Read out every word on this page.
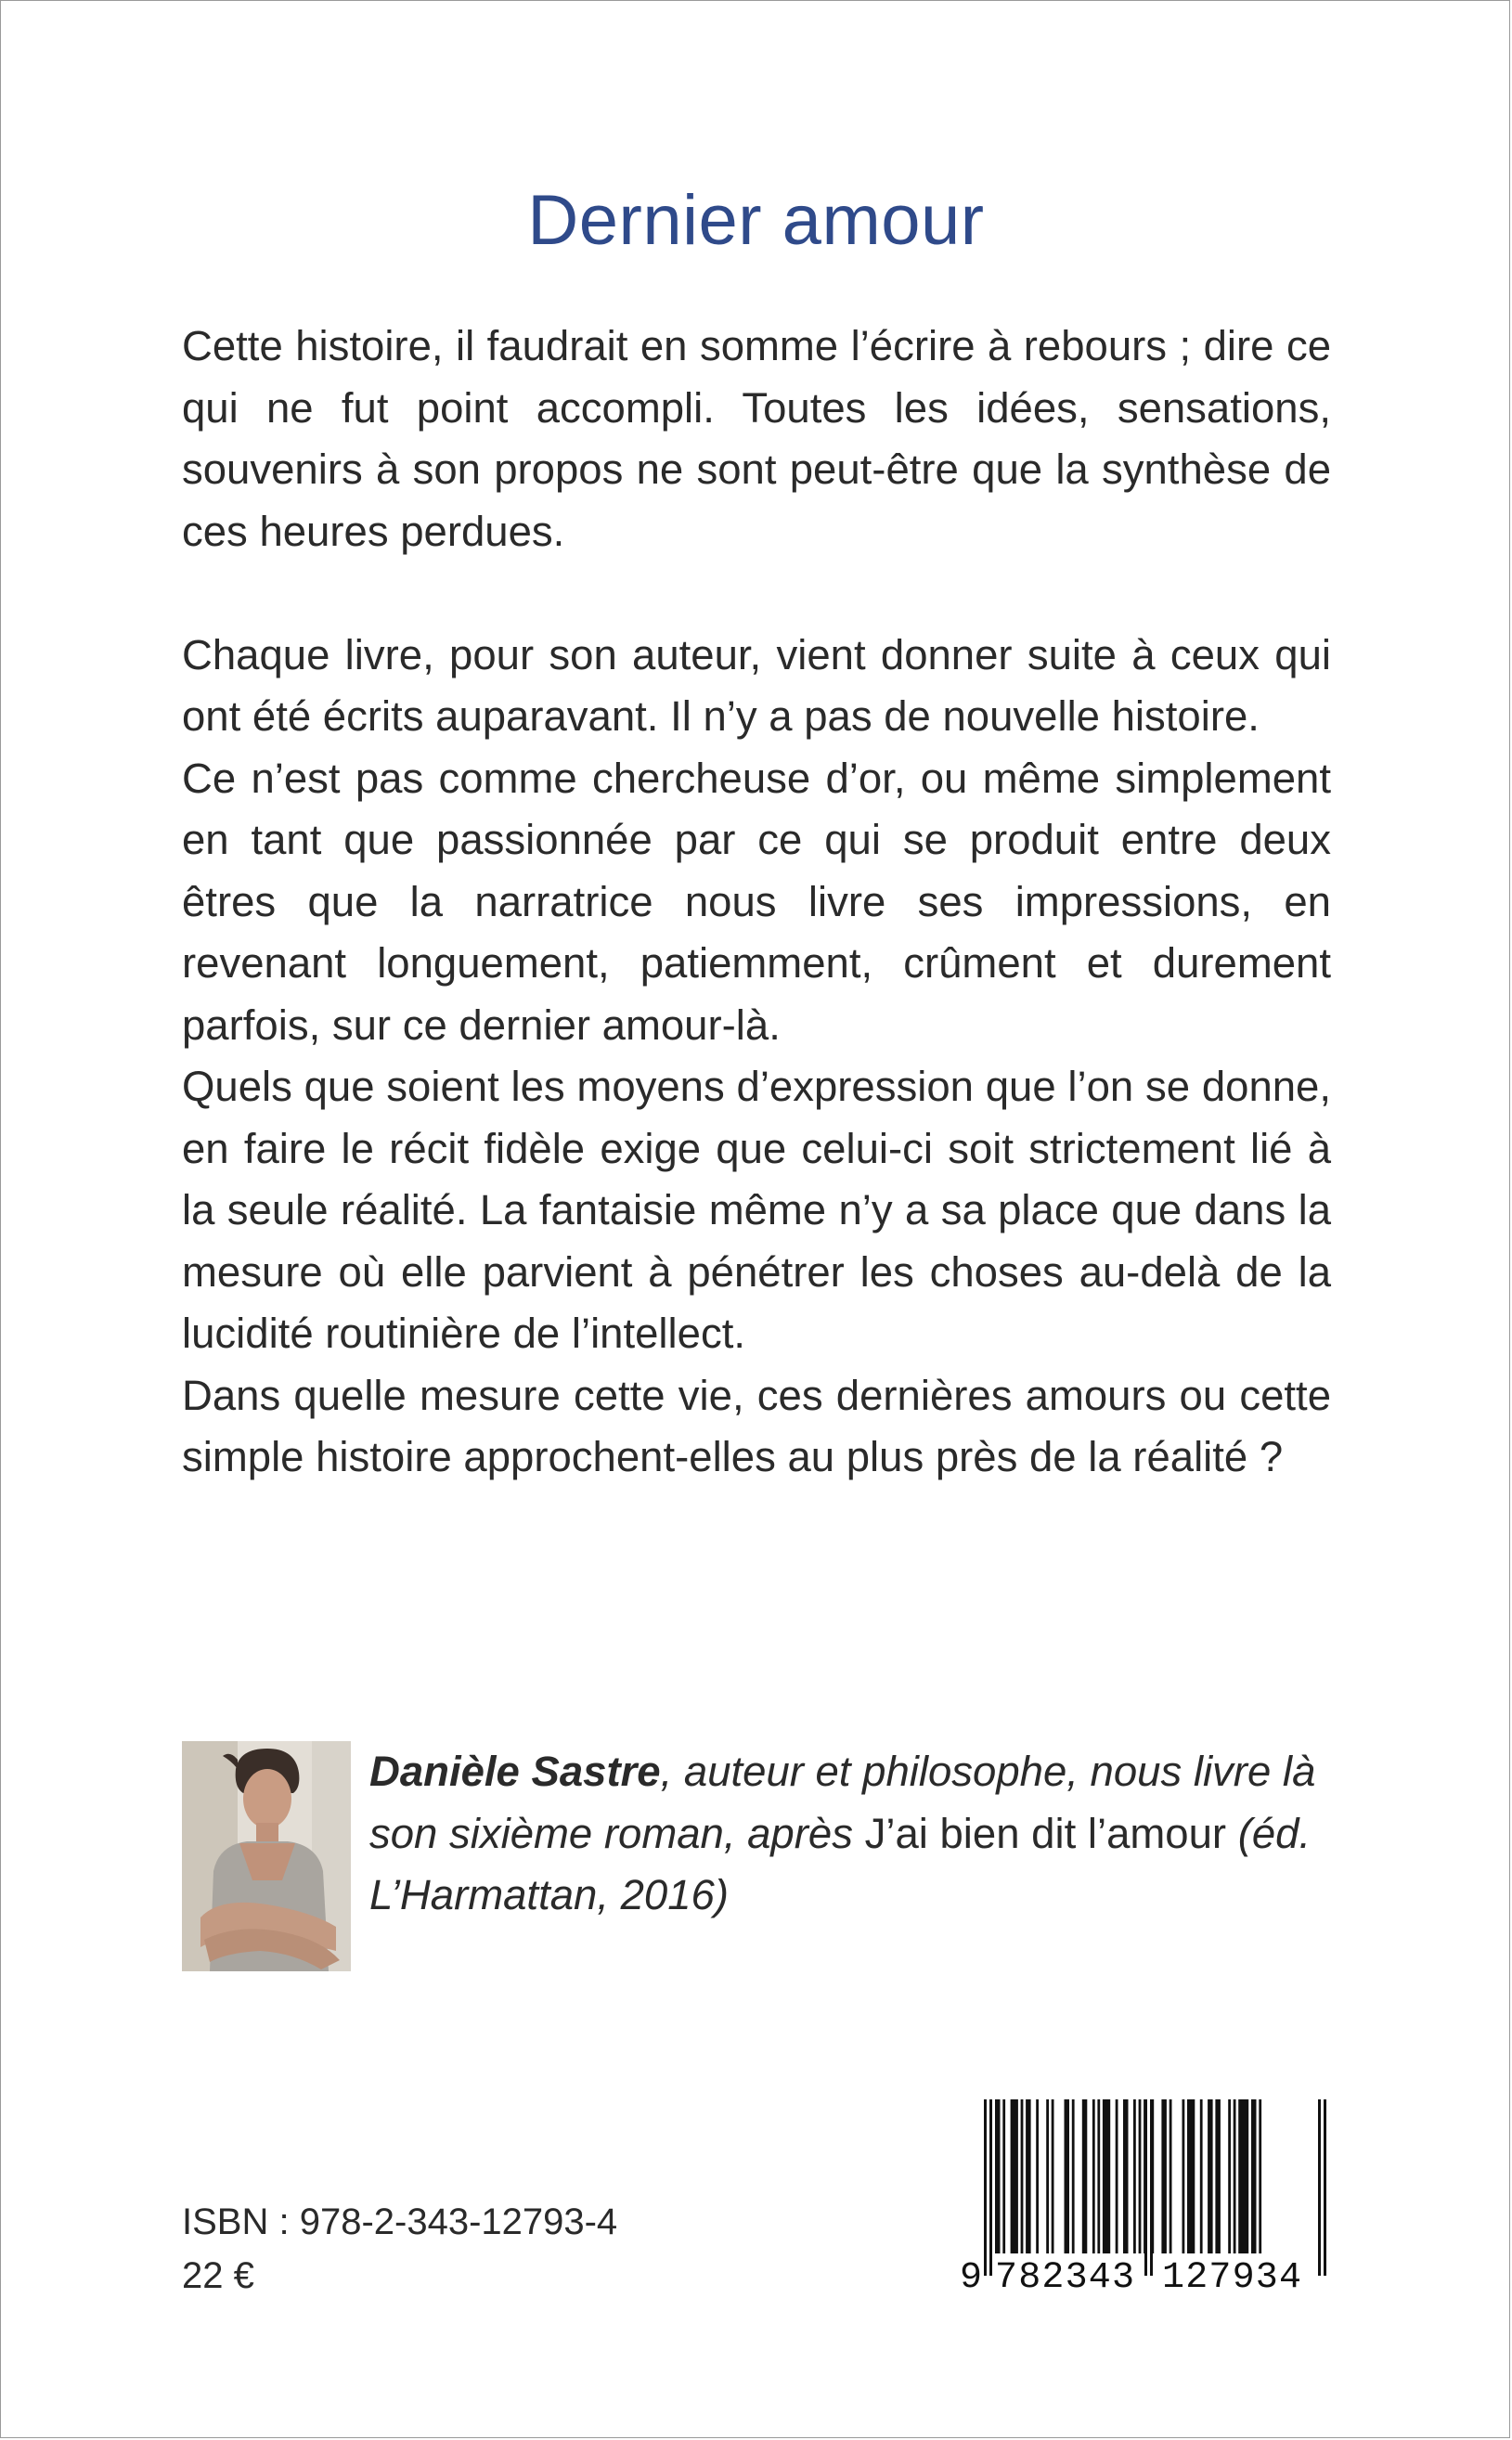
Dernier amour

Cette histoire, il faudrait en somme l’écrire à rebours ; dire ce qui ne fut point accompli. Toutes les idées, sensations, souvenirs à son propos ne sont peut-être que la synthèse de ces heures perdues.

Chaque livre, pour son auteur, vient donner suite à ceux qui ont été écrits auparavant. Il n’y a pas de nouvelle histoire.

Ce n’est pas comme chercheuse d’or, ou même simplement en tant que passionnée par ce qui se produit entre deux êtres que la narratrice nous livre ses impressions, en revenant longuement, patiemment, crûment et durement parfois, sur ce dernier amour-là.

Quels que soient les moyens d’expression que l’on se donne, en faire le récit fidèle exige que celui-ci soit strictement lié à la seule réalité. La fantaisie même n’y a sa place que dans la mesure où elle parvient à pénétrer les choses au-delà de la lucidité routinière de l’intellect.

Dans quelle mesure cette vie, ces dernières amours ou cette simple histoire approchent-elles au plus près de la réalité ?

Danièle Sastre, auteur et philosophe, nous livre là son sixième roman, après J’ai bien dit l’amour (éd. L’Harmattan, 2016)
ISBN : 978-2-343-12793-4
22 €	9 782343 127934
